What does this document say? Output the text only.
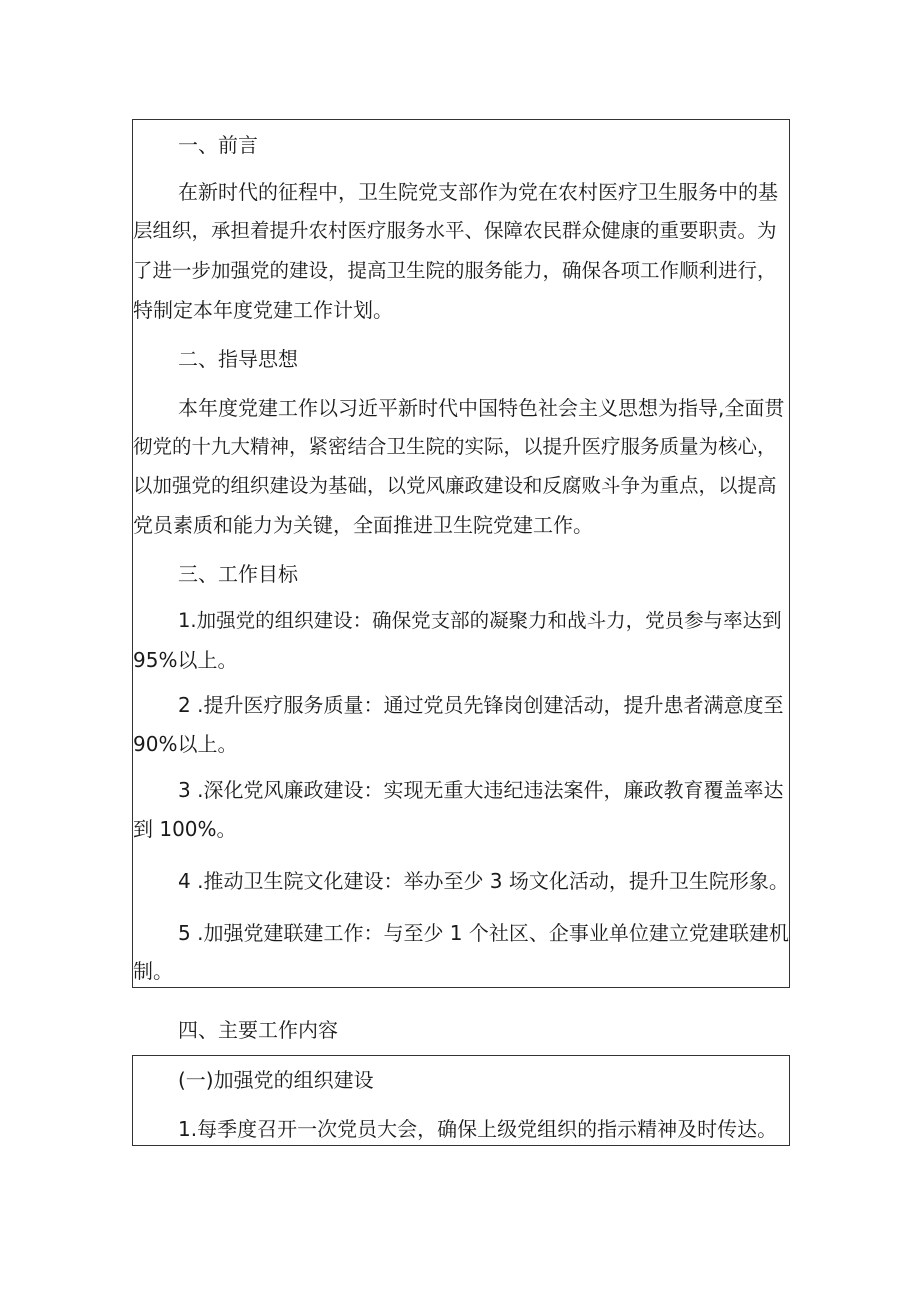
一、前言
在新时代的征程中，卫生院党支部作为党在农村医疗卫生服务中的基
层组织，承担着提升农村医疗服务水平、保障农民群众健康的重要职责。为
了进一步加强党的建设，提高卫生院的服务能力，确保各项工作顺利进行，
特制定本年度党建工作计划。
二、指导思想
本年度党建工作以习近平新时代中国特色社会主义思想为指导,全面贯
彻党的十九大精神，紧密结合卫生院的实际，以提升医疗服务质量为核心，
以加强党的组织建设为基础，以党风廉政建设和反腐败斗争为重点，以提高
党员素质和能力为关键，全面推进卫生院党建工作。
三、工作目标
1.加强党的组织建设：确保党支部的凝聚力和战斗力，党员参与率达到
95%以上。
2 .提升医疗服务质量：通过党员先锋岗创建活动，提升患者满意度至
90%以上。
3 .深化党风廉政建设：实现无重大违纪违法案件，廉政教育覆盖率达
到 100%。
4 .推动卫生院文化建设：举办至少 3 场文化活动，提升卫生院形象。
5 .加强党建联建工作：与至少 1 个社区、企事业单位建立党建联建机
制。
四、主要工作内容
(一)加强党的组织建设
1.每季度召开一次党员大会，确保上级党组织的指示精神及时传达。
